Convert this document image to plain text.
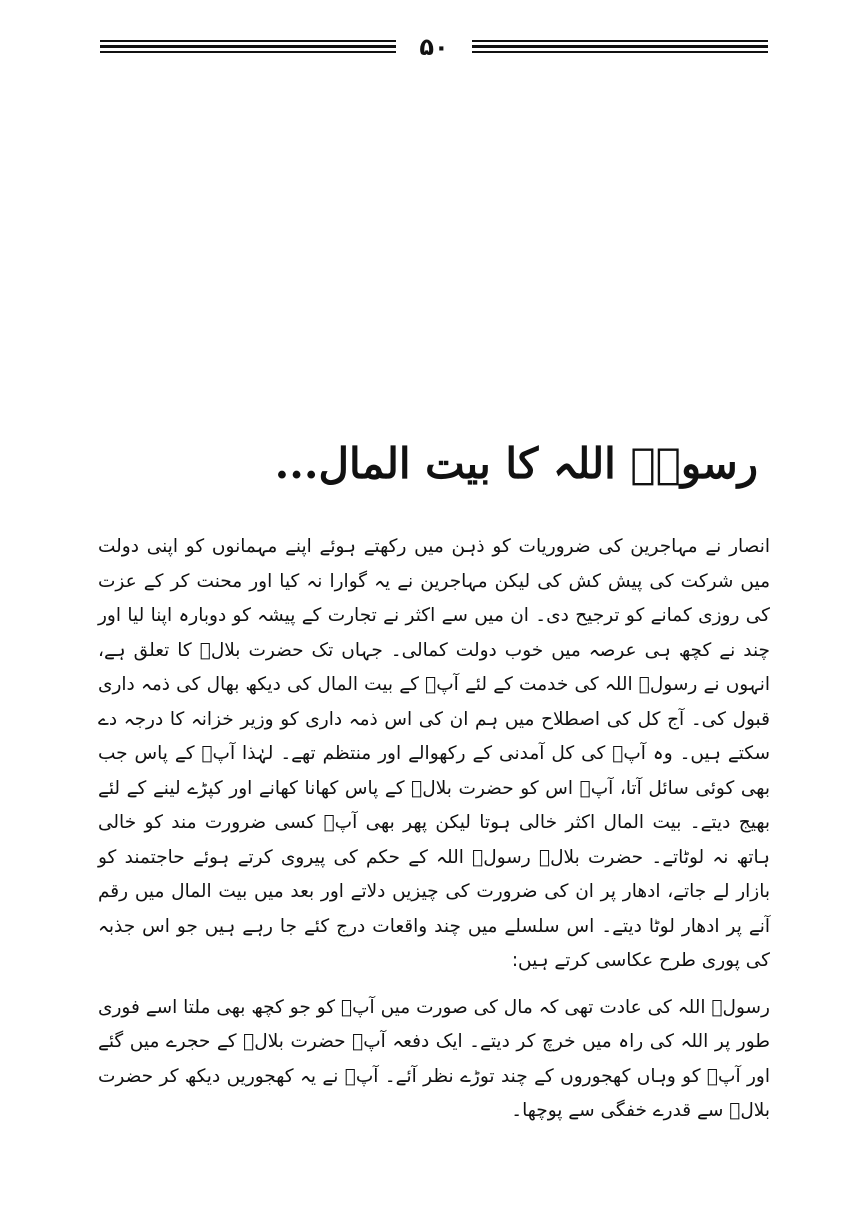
۵۰
رسولؐ اللہ کا بیت المال...

انصار نے مہاجرین کی ضروریات کو ذہن میں رکھتے ہوئے اپنے مہمانوں کو اپنی دولت میں شرکت کی پیش کش کی لیکن مہاجرین نے یہ گوارا نہ کیا اور محنت کر کے عزت کی روزی کمانے کو ترجیح دی۔ ان میں سے اکثر نے تجارت کے پیشہ کو دوبارہ اپنا لیا اور چند نے کچھ ہی عرصہ میں خوب دولت کمالی۔ جہاں تک حضرت بلالؓ کا تعلق ہے، انہوں نے رسولؐ اللہ کی خدمت کے لئے آپؐ کے بیت المال کی دیکھ بھال کی ذمہ داری قبول کی۔ آج کل کی اصطلاح میں ہم ان کی اس ذمہ داری کو وزیر خزانہ کا درجہ دے سکتے ہیں۔ وہ آپؐ کی کل آمدنی کے رکھوالے اور منتظم تھے۔ لہٰذا آپؐ کے پاس جب بھی کوئی سائل آتا، آپؐ اس کو حضرت بلالؓ کے پاس کھانا کھانے اور کپڑے لینے کے لئے بھیج دیتے۔ بیت المال اکثر خالی ہوتا لیکن پھر بھی آپؐ کسی ضرورت مند کو خالی ہاتھ نہ لوٹاتے۔ حضرت بلالؓ رسولؐ اللہ کے حکم کی پیروی کرتے ہوئے حاجتمند کو بازار لے جاتے، ادھار پر ان کی ضرورت کی چیزیں دلاتے اور بعد میں بیت المال میں رقم آنے پر ادھار لوٹا دیتے۔ اس سلسلے میں چند واقعات درج کئے جا رہے ہیں جو اس جذبہ کی پوری طرح عکاسی کرتے ہیں:

رسولؐ اللہ کی عادت تھی کہ مال کی صورت میں آپؐ کو جو کچھ بھی ملتا اسے فوری طور پر اللہ کی راہ میں خرچ کر دیتے۔ ایک دفعہ آپؐ حضرت بلالؓ کے حجرے میں گئے اور آپؐ کو وہاں کھجوروں کے چند توڑے نظر آئے۔ آپؐ نے یہ کھجوریں دیکھ کر حضرت بلالؓ سے قدرے خفگی سے پوچھا۔
